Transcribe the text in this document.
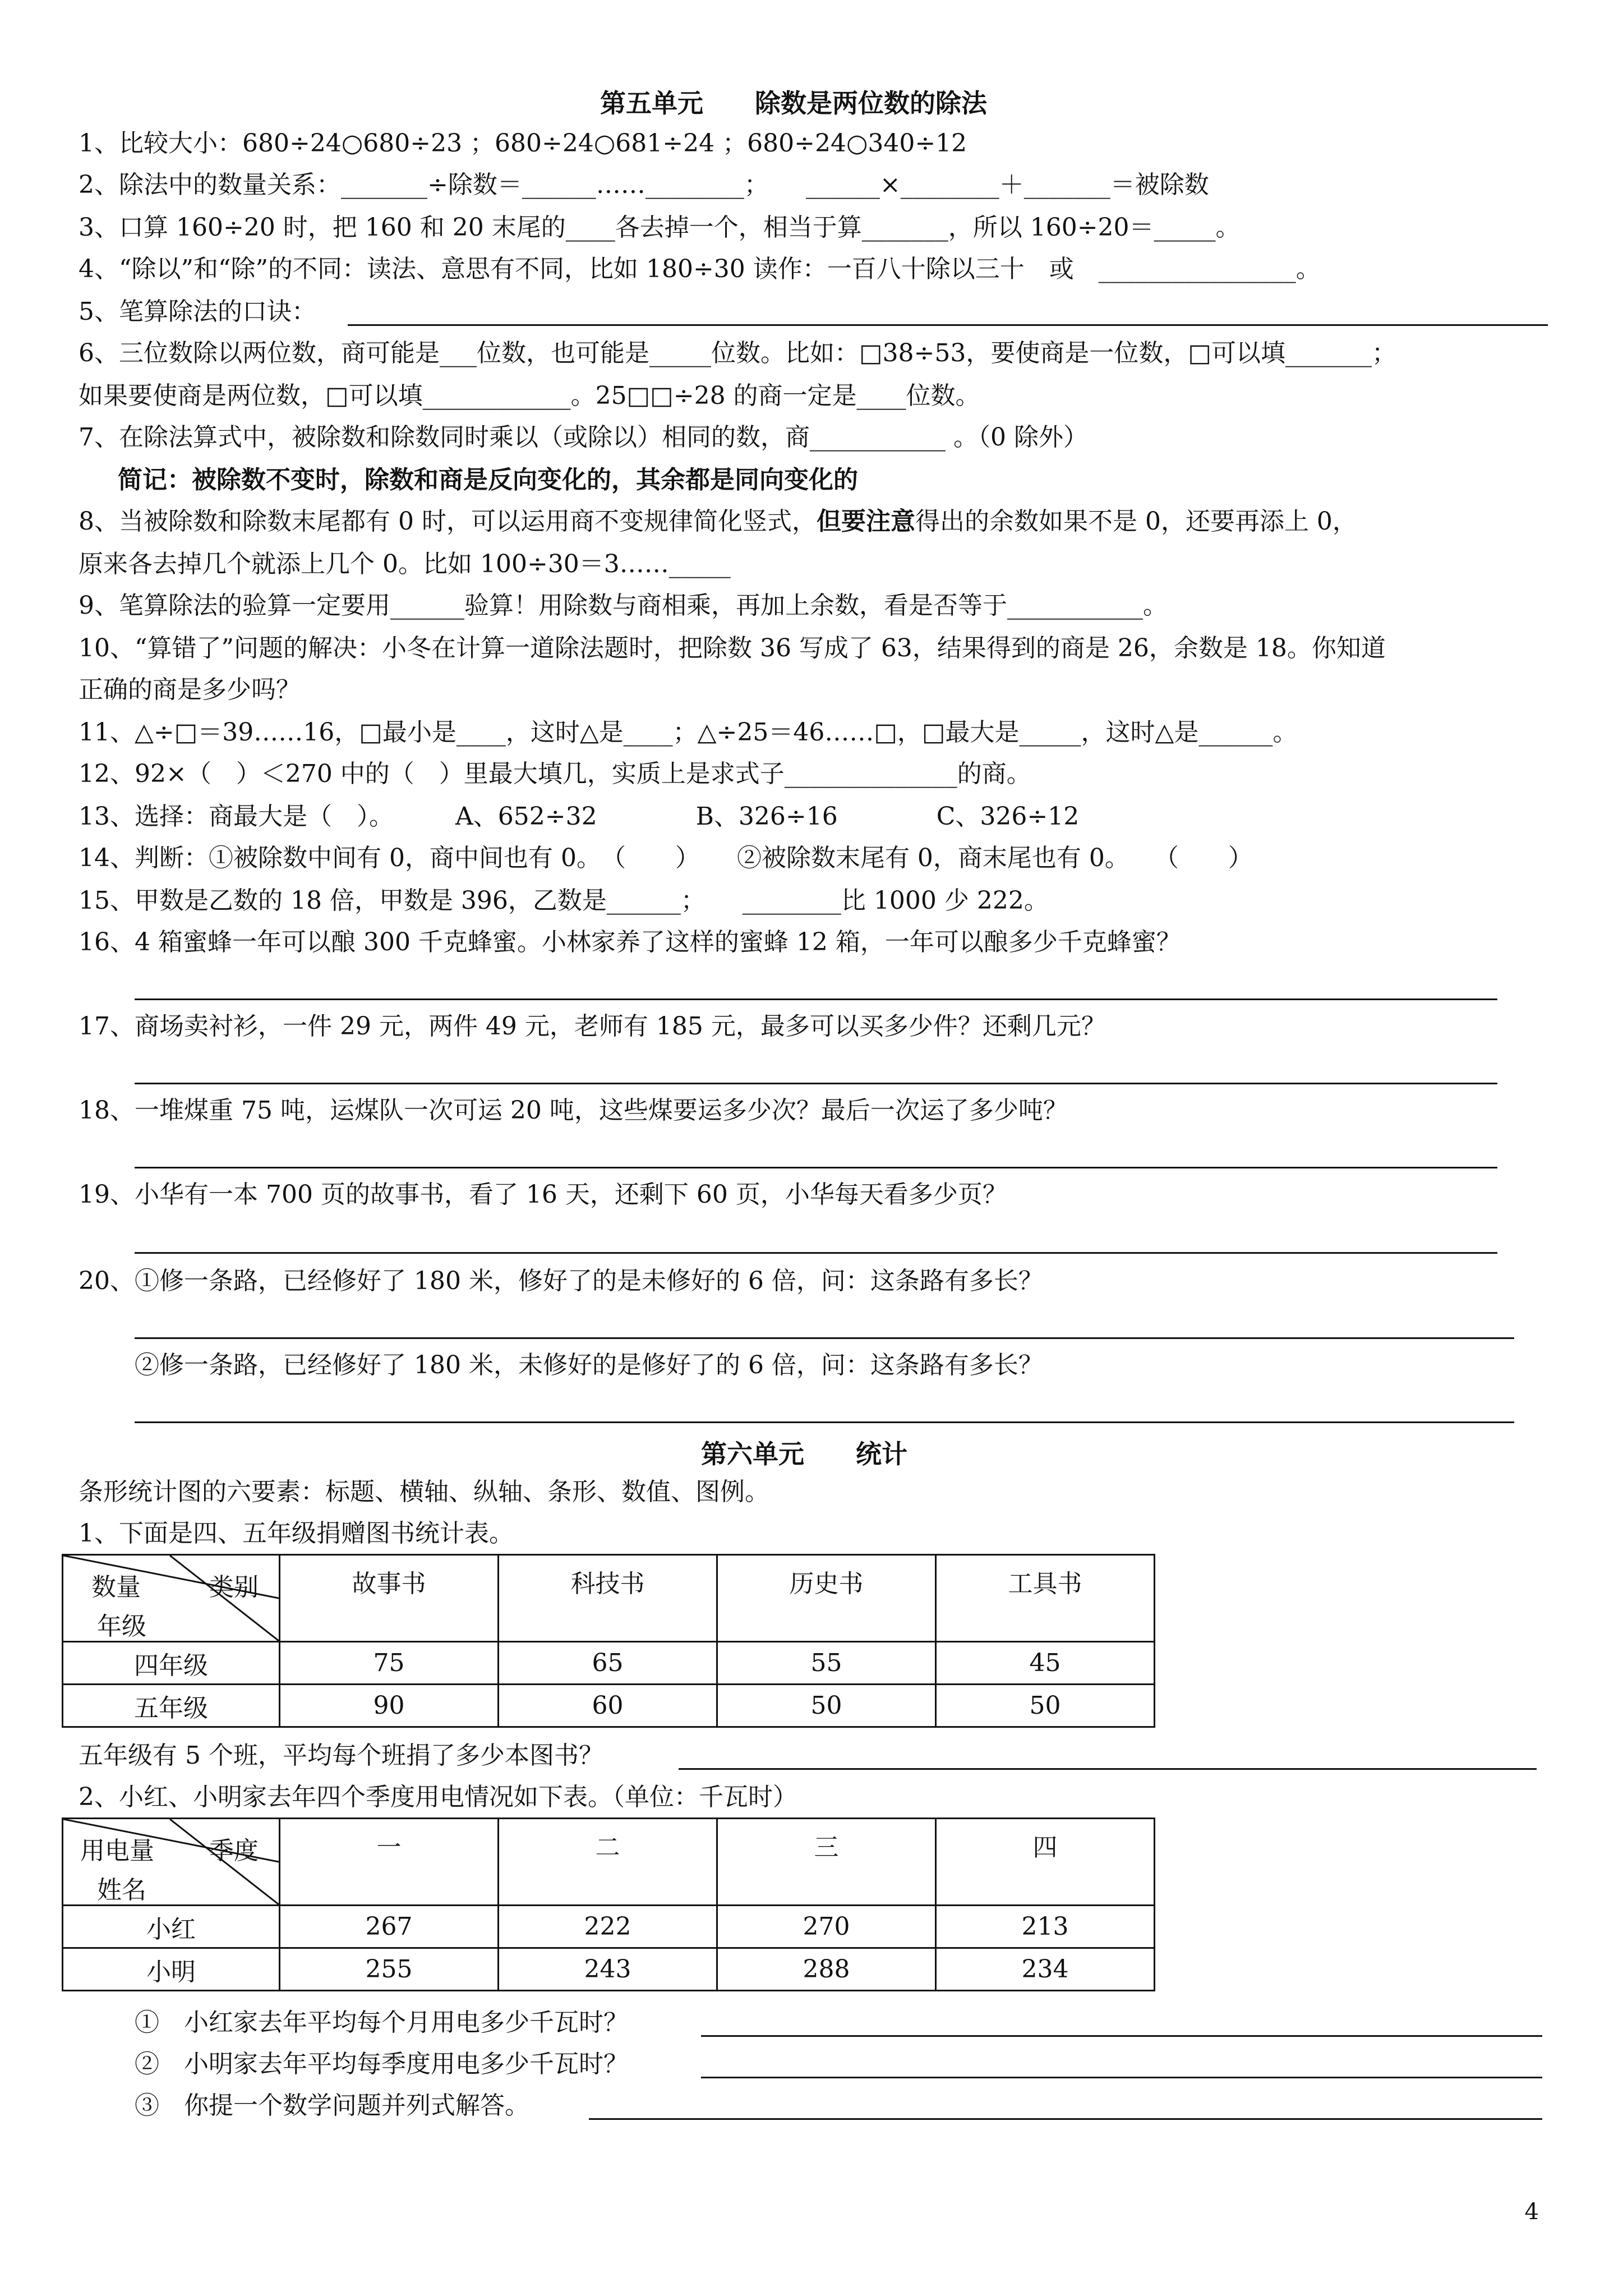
第五单元　　除数是两位数的除法
1、比较大小：680÷24○680÷23 ；680÷24○681÷24 ；680÷24○340÷12
2、除法中的数量关系：_______÷除数＝______……________；　　______×________＋_______＝被除数
3、口算 160÷20 时，把 160 和 20 末尾的____各去掉一个，相当于算_______，所以 160÷20＝_____。
4、“除以”和“除”的不同：读法、意思有不同，比如 180÷30 读作：一百八十除以三十　或　________________。
5、笔算除法的口诀：
6、三位数除以两位数，商可能是___位数，也可能是_____位数。比如：□38÷53，要使商是一位数，□可以填_______；
如果要使商是两位数，□可以填____________。25□□÷28 的商一定是____位数。
7、在除法算式中，被除数和除数同时乘以（或除以）相同的数，商___________ 。（0 除外）
简记：被除数不变时，除数和商是反向变化的，其余都是同向变化的
8、当被除数和除数末尾都有 0 时，可以运用商不变规律简化竖式，但要注意得出的余数如果不是 0，还要再添上 0，
原来各去掉几个就添上几个 0。比如 100÷30＝3……_____
9、笔算除法的验算一定要用______验算！用除数与商相乘，再加上余数，看是否等于___________。
10、“算错了”问题的解决：小冬在计算一道除法题时，把除数 36 写成了 63，结果得到的商是 26，余数是 18。你知道
正确的商是多少吗？
11、△÷□＝39……16，□最小是____，这时△是____；△÷25＝46……□，□最大是_____，这时△是______。
12、92×（　）＜270 中的（　）里最大填几，实质上是求式子______________的商。
13、选择：商最大是（　）。　　　A、652÷32　　　　B、326÷16　　　　C、326÷12
14、判断：①被除数中间有 0，商中间也有 0。　（　　）　　②被除数末尾有 0，商末尾也有 0。　　（　　）
15、甲数是乙数的 18 倍，甲数是 396，乙数是______；　　________比 1000 少 222。
16、4 箱蜜蜂一年可以酿 300 千克蜂蜜。小林家养了这样的蜜蜂 12 箱，一年可以酿多少千克蜂蜜？
17、商场卖衬衫，一件 29 元，两件 49 元，老师有 185 元，最多可以买多少件？还剩几元？
18、一堆煤重 75 吨，运煤队一次可运 20 吨，这些煤要运多少次？最后一次运了多少吨？
19、小华有一本 700 页的故事书，看了 16 天，还剩下 60 页，小华每天看多少页？
20、①修一条路，已经修好了 180 米，修好了的是未修好的 6 倍，问：这条路有多长？
②修一条路，已经修好了 180 米，未修好的是修好了的 6 倍，问：这条路有多长？
第六单元　　统计
条形统计图的六要素：标题、横轴、纵轴、条形、数值、图例。
1、下面是四、五年级捐赠图书统计表。
数量 类别
年级	故事书	科技书	历史书	工具书
四年级	75	65	55	45
五年级	90	60	50	50
五年级有 5 个班，平均每个班捐了多少本图书？
2、小红、小明家去年四个季度用电情况如下表。（单位：千瓦时）
用电量 季度
姓名	一	二	三	四
小红	267	222	270	213
小明	255	243	288	234
①　小红家去年平均每个月用电多少千瓦时？
②　小明家去年平均每季度用电多少千瓦时？
③　你提一个数学问题并列式解答。
4
